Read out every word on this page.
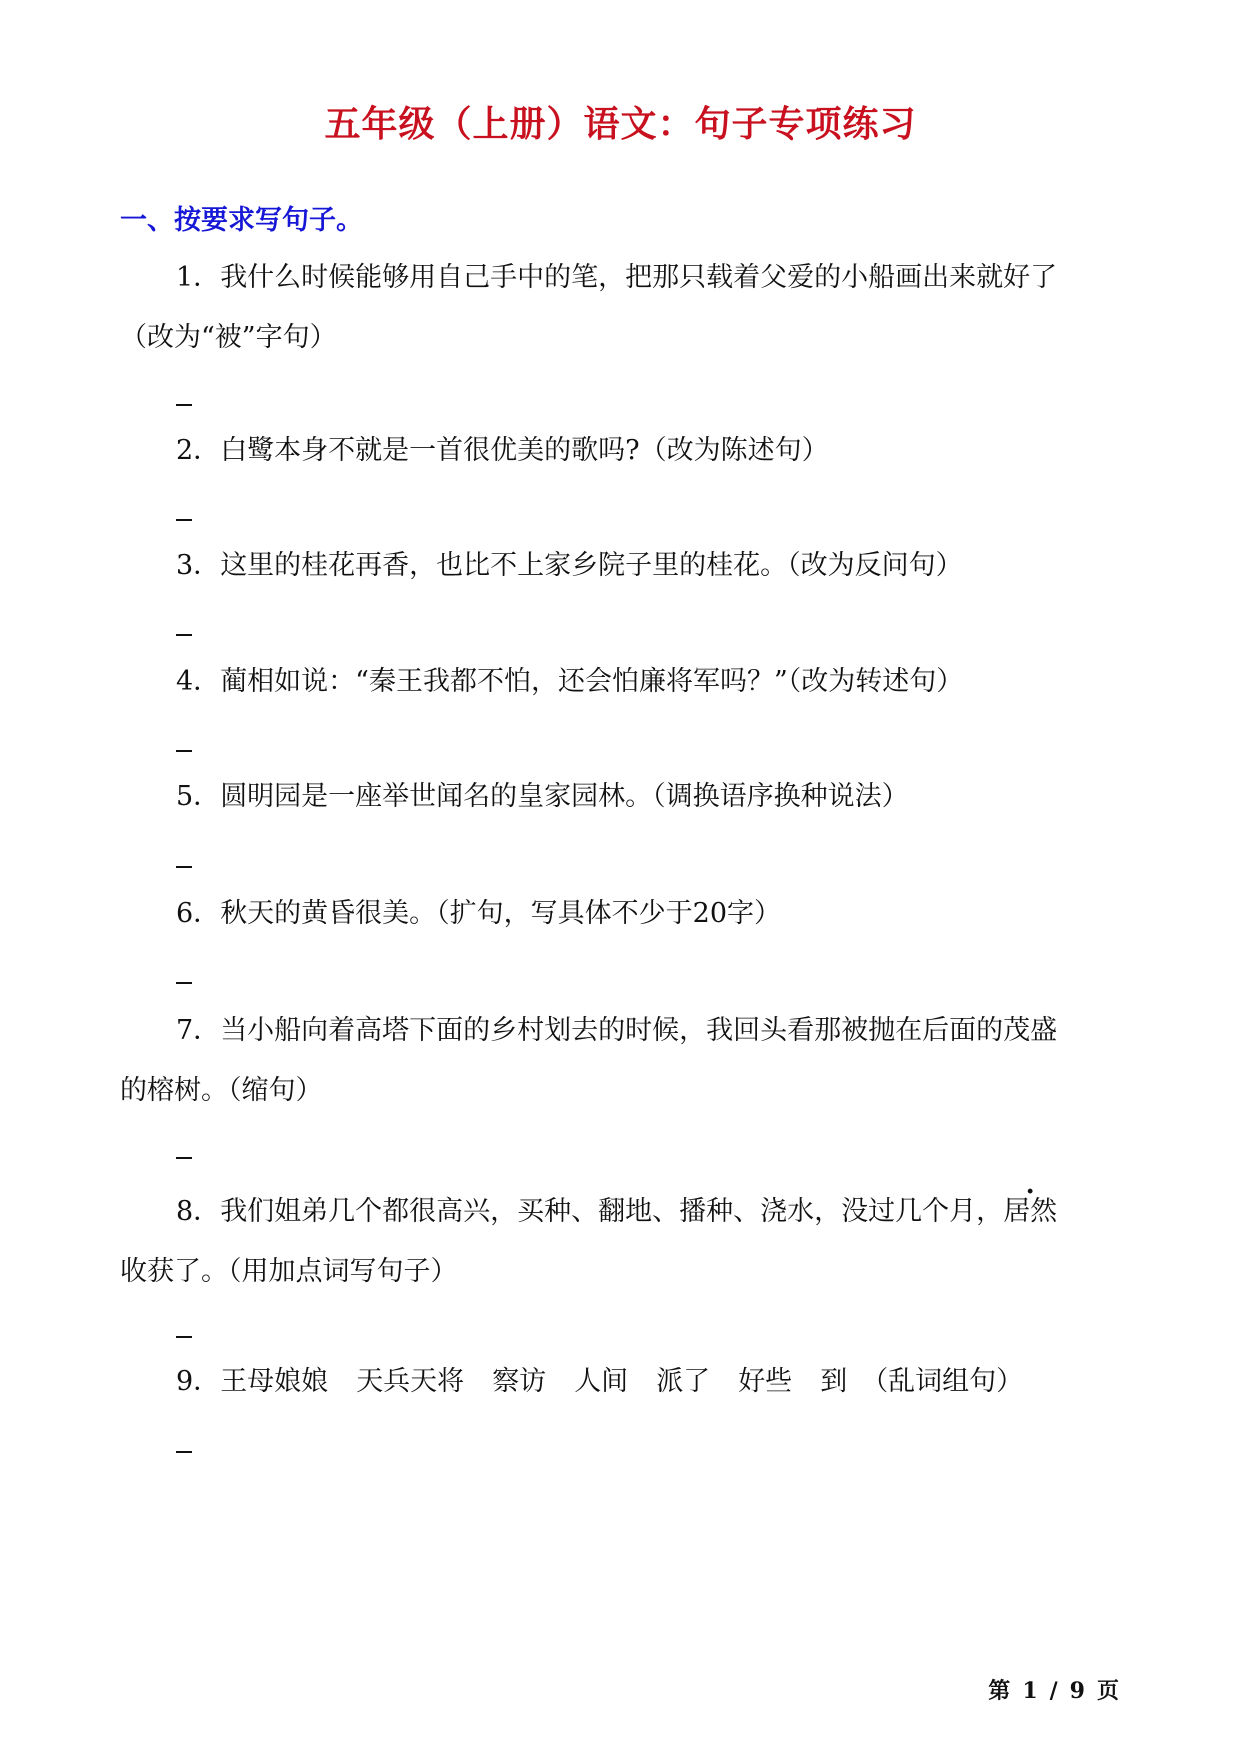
五年级（上册）语文：句子专项练习
一、按要求写句子。
1．我什么时候能够用自己手中的笔，把那只载着父爱的小船画出来就好了
（改为“被”字句）
2．白鹭本身不就是一首很优美的歌吗?（改为陈述句）
3．这里的桂花再香，也比不上家乡院子里的桂花。（改为反问句）
4．蔺相如说：“秦王我都不怕，还会怕廉将军吗？”（改为转述句）
5．圆明园是一座举世闻名的皇家园林。（调换语序换种说法）
6．秋天的黄昏很美。（扩句，写具体不少于20字）
7．当小船向着高塔下面的乡村划去的时候，我回头看那被抛在后面的茂盛
的榕树。（缩句）
8．我们姐弟几个都很高兴，买种、翻地、播种、浇水，没过几个月，居然
收获了。（用加点词写句子）
9．王母娘娘 天兵天将 察访 人间 派了 好些 到 （乱词组句）
第 1 / 9 页
